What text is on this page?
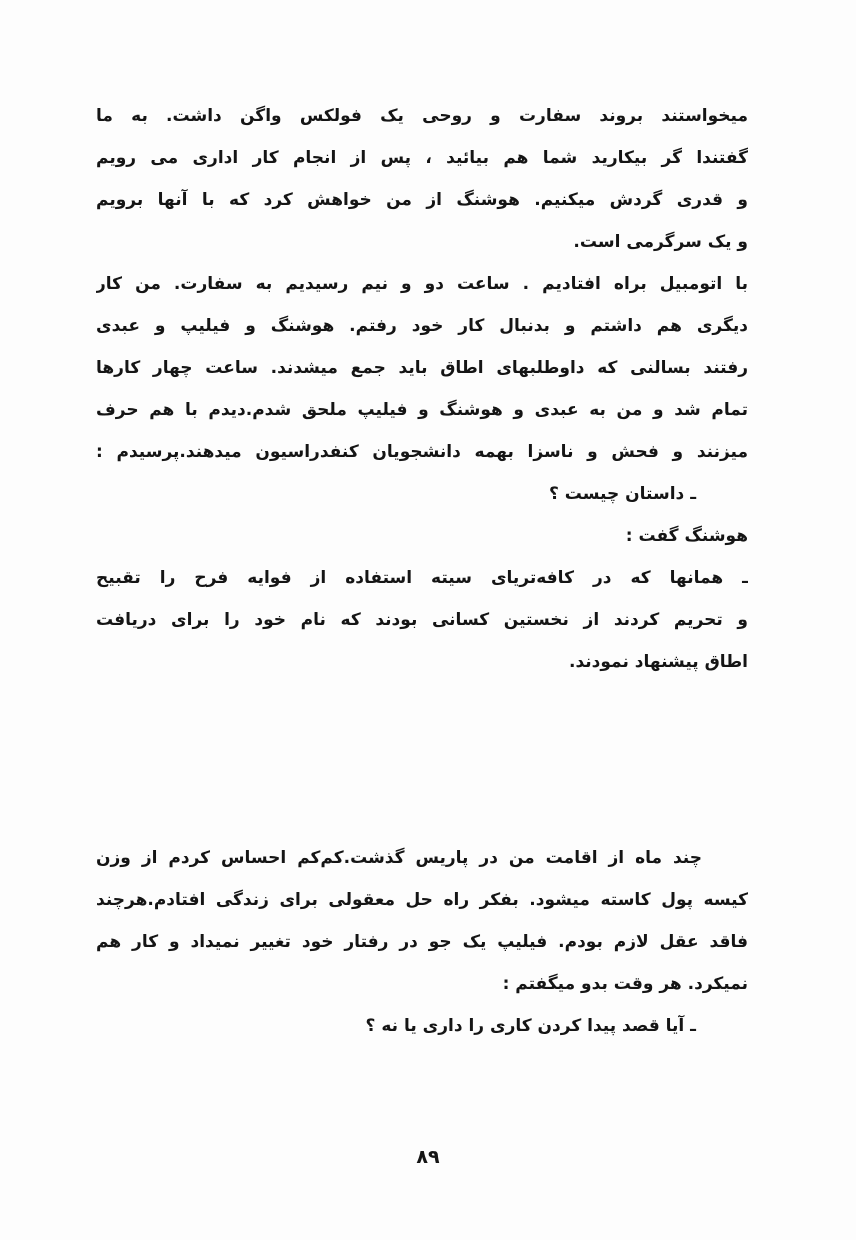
میخواستند بروند سفارت و روحی یک فولکس واگن داشت. به ما
گفتندا گر بیکارید شما هم بیائید ، پس از انجام کار اداری می رویم
و قدری گردش میکنیم. هوشنگ از من خواهش کرد که با آنها برویم
و یک سرگرمی است.
با اتومبیل براه افتادیم . ساعت دو و نیم رسیدیم به سفارت. من کار
دیگری هم داشتم و بدنبال کار خود رفتم. هوشنگ و فیلیپ و عبدی
رفتند بسالنی که داوطلبهای اطاق باید جمع میشدند. ساعت چهار کارها
تمام شد و من به عبدی و هوشنگ و فیلیپ ملحق شدم.دیدم با هم حرف
میزنند و فحش و ناسزا بهمه دانشجویان کنفدراسیون میدهند.پرسیدم :
ـ داستان چیست ؟
هوشنگ گفت :
ـ همانها که در کافه‌تریای سیته استفاده از فوایه فرح را تقبیح
و تحریم کردند از نخستین کسانی بودند که نام خود را برای دریافت
اطاق پیشنهاد نمودند.
چند ماه از اقامت من در پاریس گذشت.کم‌کم احساس کردم از وزن
کیسه پول کاسته میشود. بفکر راه حل معقولی برای زندگی افتادم.هرچند
فاقد عقل لازم بودم. فیلیپ یک جو در رفتار خود تغییر نمیداد و کار هم
نمیکرد. هر وقت بدو میگفتم :
ـ آیا قصد پیدا کردن کاری را داری یا نه ؟
۸۹
